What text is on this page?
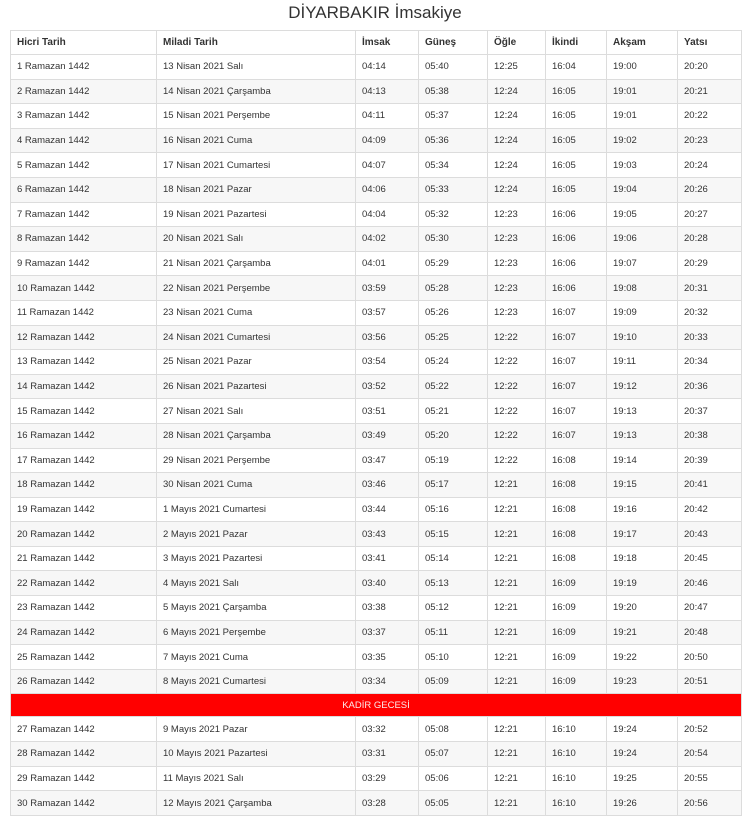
DİYARBAKIR İmsakiye
Hicri Tarih	Miladi Tarih	İmsak	Güneş	Öğle	İkindi	Akşam	Yatsı
1 Ramazan 1442	13 Nisan 2021 Salı	04:14	05:40	12:25	16:04	19:00	20:20
2 Ramazan 1442	14 Nisan 2021 Çarşamba	04:13	05:38	12:24	16:05	19:01	20:21
3 Ramazan 1442	15 Nisan 2021 Perşembe	04:11	05:37	12:24	16:05	19:01	20:22
4 Ramazan 1442	16 Nisan 2021 Cuma	04:09	05:36	12:24	16:05	19:02	20:23
5 Ramazan 1442	17 Nisan 2021 Cumartesi	04:07	05:34	12:24	16:05	19:03	20:24
6 Ramazan 1442	18 Nisan 2021 Pazar	04:06	05:33	12:24	16:05	19:04	20:26
7 Ramazan 1442	19 Nisan 2021 Pazartesi	04:04	05:32	12:23	16:06	19:05	20:27
8 Ramazan 1442	20 Nisan 2021 Salı	04:02	05:30	12:23	16:06	19:06	20:28
9 Ramazan 1442	21 Nisan 2021 Çarşamba	04:01	05:29	12:23	16:06	19:07	20:29
10 Ramazan 1442	22 Nisan 2021 Perşembe	03:59	05:28	12:23	16:06	19:08	20:31
11 Ramazan 1442	23 Nisan 2021 Cuma	03:57	05:26	12:23	16:07	19:09	20:32
12 Ramazan 1442	24 Nisan 2021 Cumartesi	03:56	05:25	12:22	16:07	19:10	20:33
13 Ramazan 1442	25 Nisan 2021 Pazar	03:54	05:24	12:22	16:07	19:11	20:34
14 Ramazan 1442	26 Nisan 2021 Pazartesi	03:52	05:22	12:22	16:07	19:12	20:36
15 Ramazan 1442	27 Nisan 2021 Salı	03:51	05:21	12:22	16:07	19:13	20:37
16 Ramazan 1442	28 Nisan 2021 Çarşamba	03:49	05:20	12:22	16:07	19:13	20:38
17 Ramazan 1442	29 Nisan 2021 Perşembe	03:47	05:19	12:22	16:08	19:14	20:39
18 Ramazan 1442	30 Nisan 2021 Cuma	03:46	05:17	12:21	16:08	19:15	20:41
19 Ramazan 1442	1 Mayıs 2021 Cumartesi	03:44	05:16	12:21	16:08	19:16	20:42
20 Ramazan 1442	2 Mayıs 2021 Pazar	03:43	05:15	12:21	16:08	19:17	20:43
21 Ramazan 1442	3 Mayıs 2021 Pazartesi	03:41	05:14	12:21	16:08	19:18	20:45
22 Ramazan 1442	4 Mayıs 2021 Salı	03:40	05:13	12:21	16:09	19:19	20:46
23 Ramazan 1442	5 Mayıs 2021 Çarşamba	03:38	05:12	12:21	16:09	19:20	20:47
24 Ramazan 1442	6 Mayıs 2021 Perşembe	03:37	05:11	12:21	16:09	19:21	20:48
25 Ramazan 1442	7 Mayıs 2021 Cuma	03:35	05:10	12:21	16:09	19:22	20:50
26 Ramazan 1442	8 Mayıs 2021 Cumartesi	03:34	05:09	12:21	16:09	19:23	20:51
KADİR GECESİ							
27 Ramazan 1442	9 Mayıs 2021 Pazar	03:32	05:08	12:21	16:10	19:24	20:52
28 Ramazan 1442	10 Mayıs 2021 Pazartesi	03:31	05:07	12:21	16:10	19:24	20:54
29 Ramazan 1442	11 Mayıs 2021 Salı	03:29	05:06	12:21	16:10	19:25	20:55
30 Ramazan 1442	12 Mayıs 2021 Çarşamba	03:28	05:05	12:21	16:10	19:26	20:56
